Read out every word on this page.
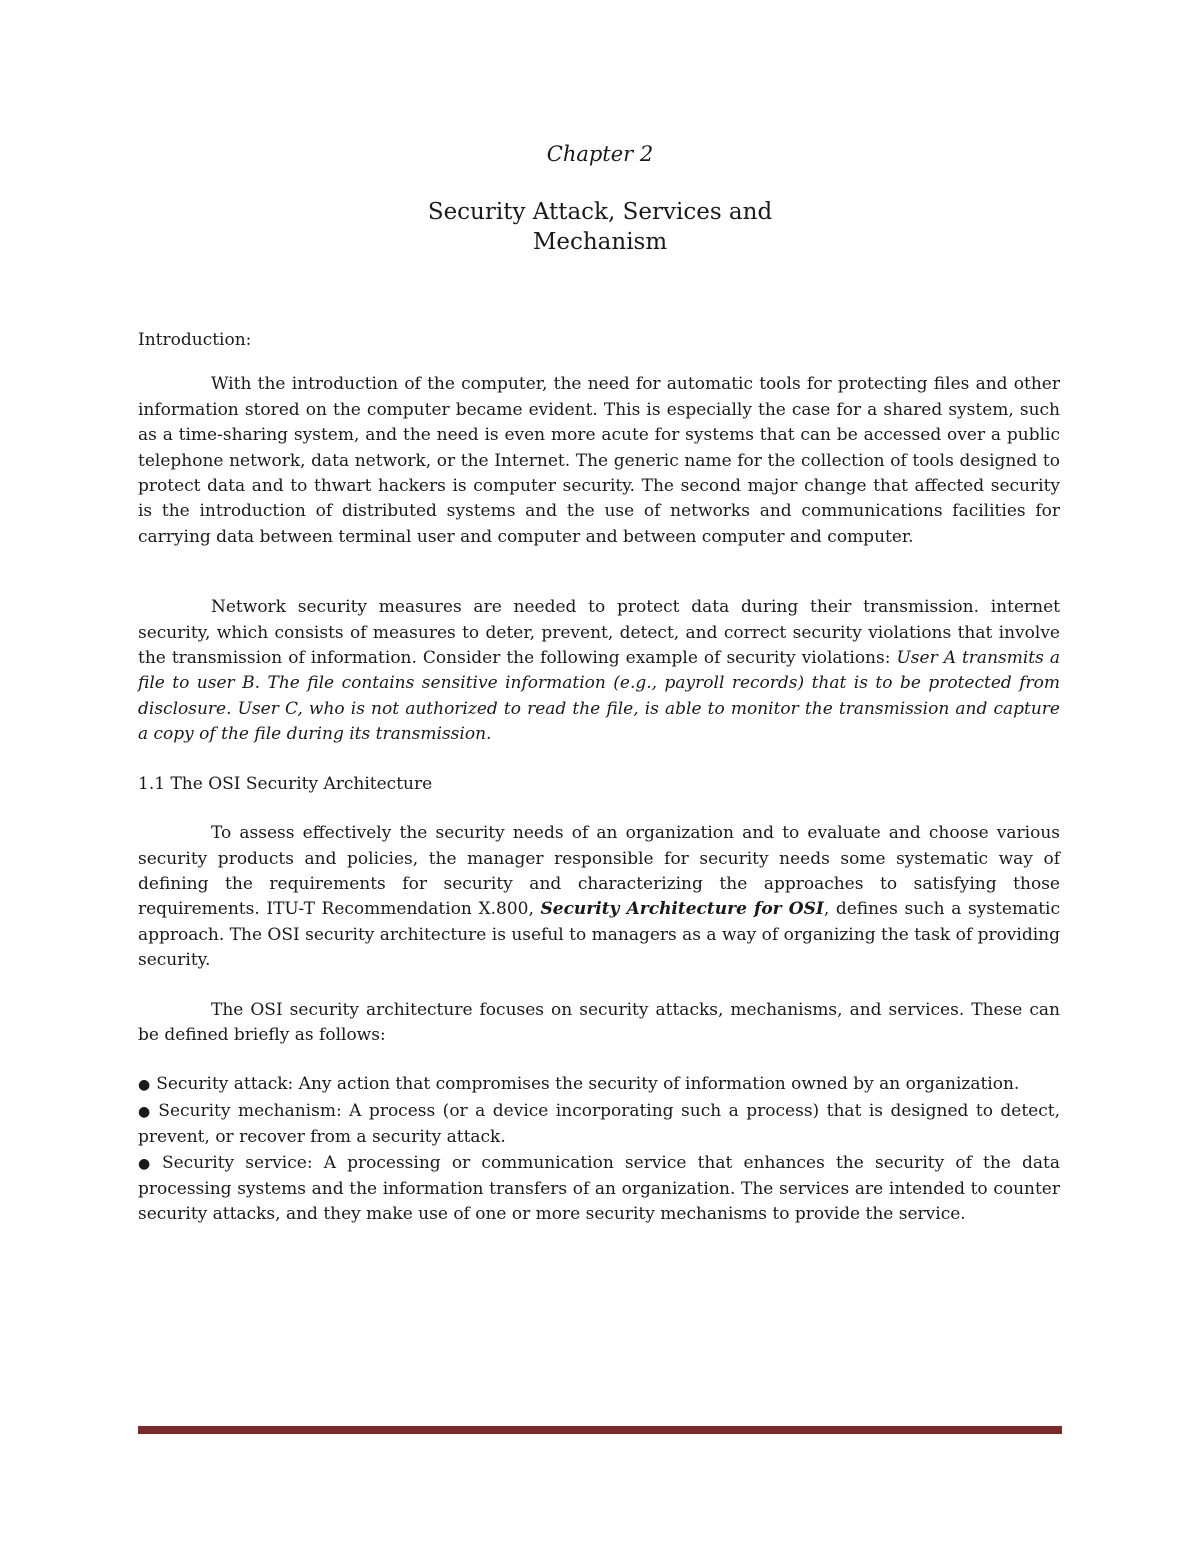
Chapter 2
Security Attack, Services and
Mechanism

Introduction:

With the introduction of the computer, the need for automatic tools for protecting files and other information stored on the computer became evident. This is especially the case for a shared system, such as a time-sharing system, and the need is even more acute for systems that can be accessed over a public telephone network, data network, or the Internet. The generic name for the collection of tools designed to protect data and to thwart hackers is computer security. The second major change that affected security is the introduction of distributed systems and the use of networks and communications facilities for carrying data between terminal user and computer and between computer and computer.

Network security measures are needed to protect data during their transmission. internet security, which consists of measures to deter, prevent, detect, and correct security violations that involve the transmission of information. Consider the following example of security violations: User A transmits a file to user B. The file contains sensitive information (e.g., payroll records) that is to be protected from disclosure. User C, who is not authorized to read the file, is able to monitor the transmission and capture a copy of the file during its transmission.

1.1 The OSI Security Architecture

To assess effectively the security needs of an organization and to evaluate and choose various security products and policies, the manager responsible for security needs some systematic way of defining the requirements for security and characterizing the approaches to satisfying those requirements. ITU-T Recommendation X.800, Security Architecture for OSI, defines such a systematic approach. The OSI security architecture is useful to managers as a way of organizing the task of providing security.

The OSI security architecture focuses on security attacks, mechanisms, and services. These can be defined briefly as follows:

● Security attack: Any action that compromises the security of information owned by an organization.
● Security mechanism: A process (or a device incorporating such a process) that is designed to detect, prevent, or recover from a security attack.
● Security service: A processing or communication service that enhances the security of the data processing systems and the information transfers of an organization. The services are intended to counter security attacks, and they make use of one or more security mechanisms to provide the service.
